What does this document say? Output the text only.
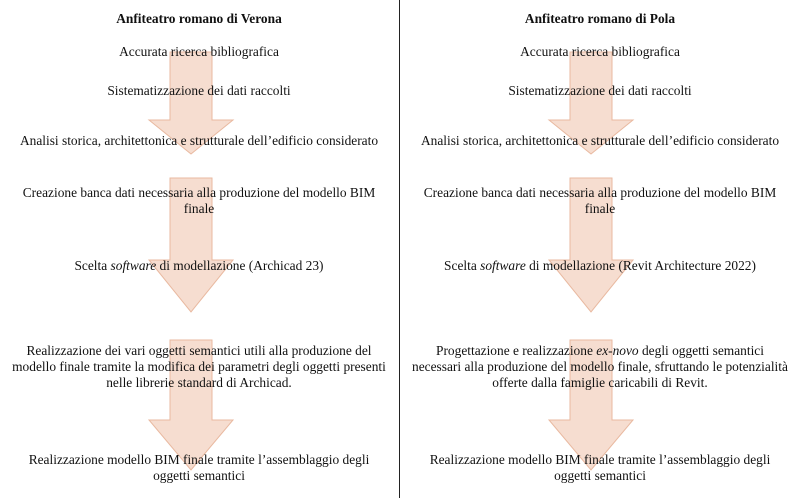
Anfiteatro romano di Verona
Accurata ricerca bibliografica
Sistematizzazione dei dati raccolti
Analisi storica, architettonica e strutturale dell’edificio considerato
Creazione banca dati necessaria alla produzione del modello BIM
finale
Scelta software di modellazione (Archicad 23)
Realizzazione dei vari oggetti semantici utili alla produzione del
modello finale tramite la modifica dei parametri degli oggetti presenti
nelle librerie standard di Archicad.
Realizzazione modello BIM finale tramite l’assemblaggio degli
oggetti semantici
Anfiteatro romano di Pola
Accurata ricerca bibliografica
Sistematizzazione dei dati raccolti
Analisi storica, architettonica e strutturale dell’edificio considerato
Creazione banca dati necessaria alla produzione del modello BIM
finale
Scelta software di modellazione (Revit Architecture 2022)
Progettazione e realizzazione ex-novo degli oggetti semantici
necessari alla produzione del modello finale, sfruttando le potenzialità
offerte dalla famiglie caricabili di Revit.
Realizzazione modello BIM finale tramite l’assemblaggio degli
oggetti semantici
